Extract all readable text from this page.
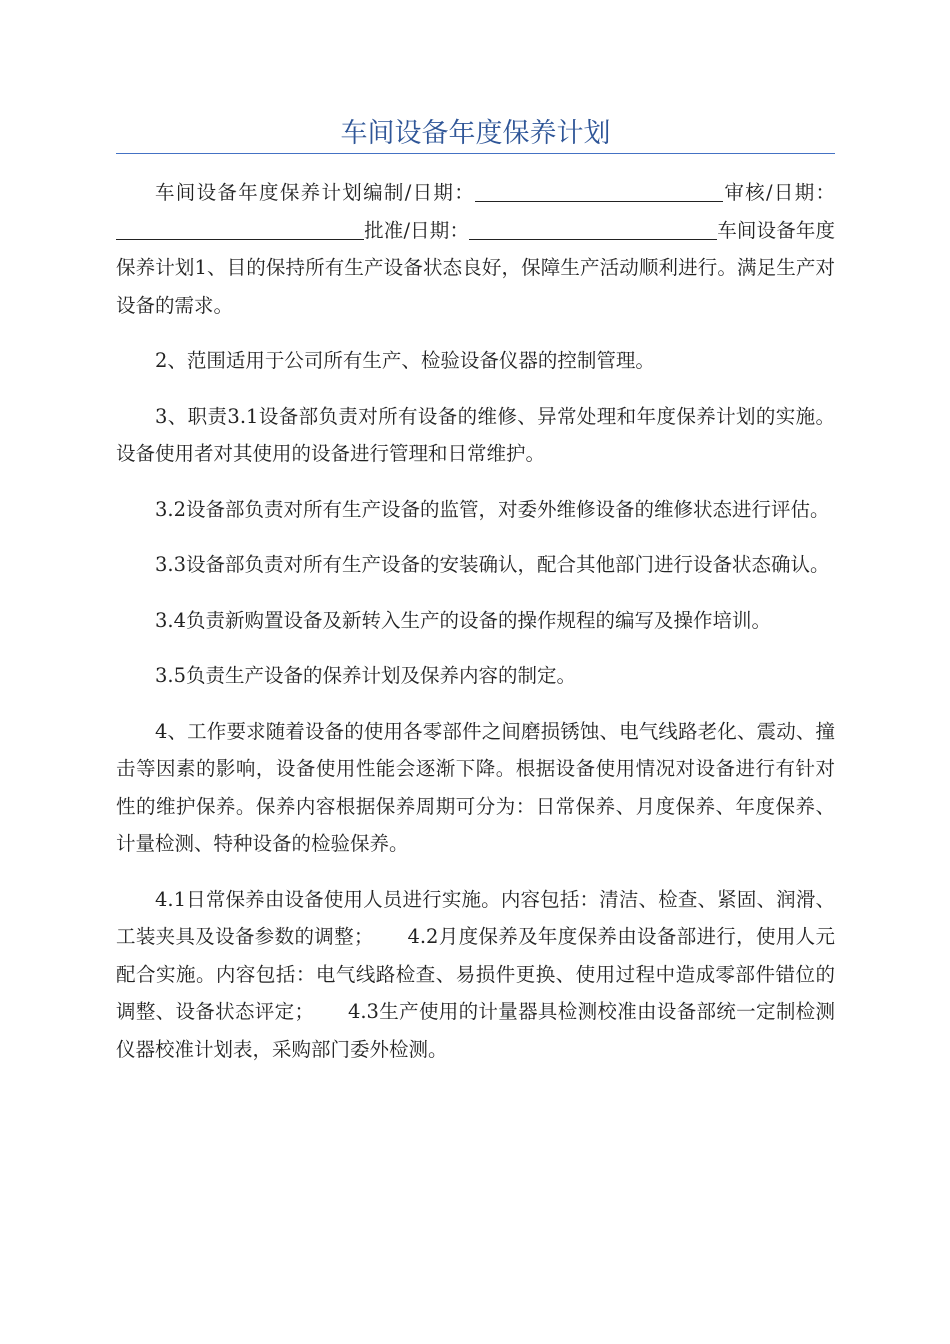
车间设备年度保养计划

车间设备年度保养计划编制/日期：	审核/日期：批准/日期：	车间设备年度保养计划1、目的保持所有生产设备状态良好，保障生产活动顺利进行。满足生产对设备的需求。

2、范围适用于公司所有生产、检验设备仪器的控制管理。

3、职责3.1设备部负责对所有设备的维修、异常处理和年度保养计划的实施。设备使用者对其使用的设备进行管理和日常维护。

3.2设备部负责对所有生产设备的监管，对委外维修设备的维修状态进行评估。

3.3设备部负责对所有生产设备的安装确认，配合其他部门进行设备状态确认。

3.4负责新购置设备及新转入生产的设备的操作规程的编写及操作培训。

3.5负责生产设备的保养计划及保养内容的制定。

4、工作要求随着设备的使用各零部件之间磨损锈蚀、电气线路老化、震动、撞击等因素的影响，设备使用性能会逐渐下降。根据设备使用情况对设备进行有针对性的维护保养。保养内容根据保养周期可分为：日常保养、月度保养、年度保养、计量检测、特种设备的检验保养。

4.1日常保养由设备使用人员进行实施。内容包括：清洁、检查、紧固、润滑、工装夹具及设备参数的调整； 4.2月度保养及年度保养由设备部进行，使用人元配合实施。内容包括：电气线路检查、易损件更换、使用过程中造成零部件错位的调整、设备状态评定； 4.3生产使用的计量器具检测校准由设备部统一定制检测仪器校准计划表，采购部门委外检测。
